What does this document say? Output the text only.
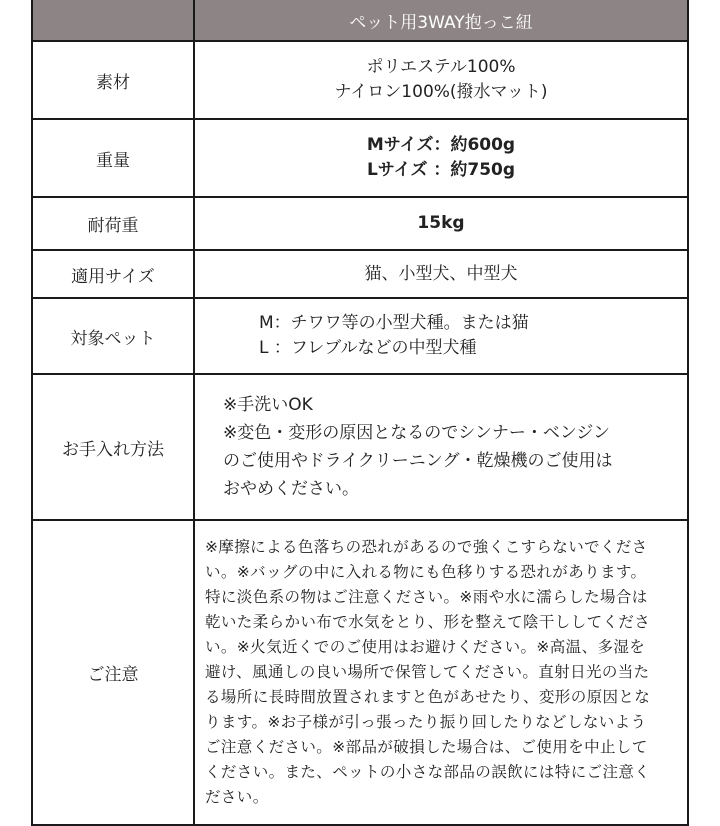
	ペット用3WAY抱っこ紐
素材	ポリエステル100%
ナイロン100%(撥水マット)

重量	Mサイズ：約600g
Lサイズ ：約750g

耐荷重	15kg
適用サイズ	猫、小型犬、中型犬
対象ペット	M：チワワ等の小型犬種。または猫
L ：フレブルなどの中型犬種

お手入れ方法	※手洗いOK
※変色・変形の原因となるのでシンナー・ベンジン
のご使用やドライクリーニング・乾燥機のご使用は
おやめください。

ご注意	
※摩擦による色落ちの恐れがあるので強くこすらないでくださ
い。※バッグの中に入れる物にも色移りする恐れがあります。
特に淡色系の物はご注意ください。※雨や水に濡らした場合は
乾いた柔らかい布で水気をとり、形を整えて陰干ししてくださ
い。※火気近くでのご使用はお避けください。※高温、多湿を
避け、風通しの良い場所で保管してください。直射日光の当た
る場所に長時間放置されますと色があせたり、変形の原因とな
ります。※お子様が引っ張ったり振り回したりなどしないよう
ご注意ください。※部品が破損した場合は、ご使用を中止して
ください。また、ペットの小さな部品の誤飲には特にご注意く
ださい。
